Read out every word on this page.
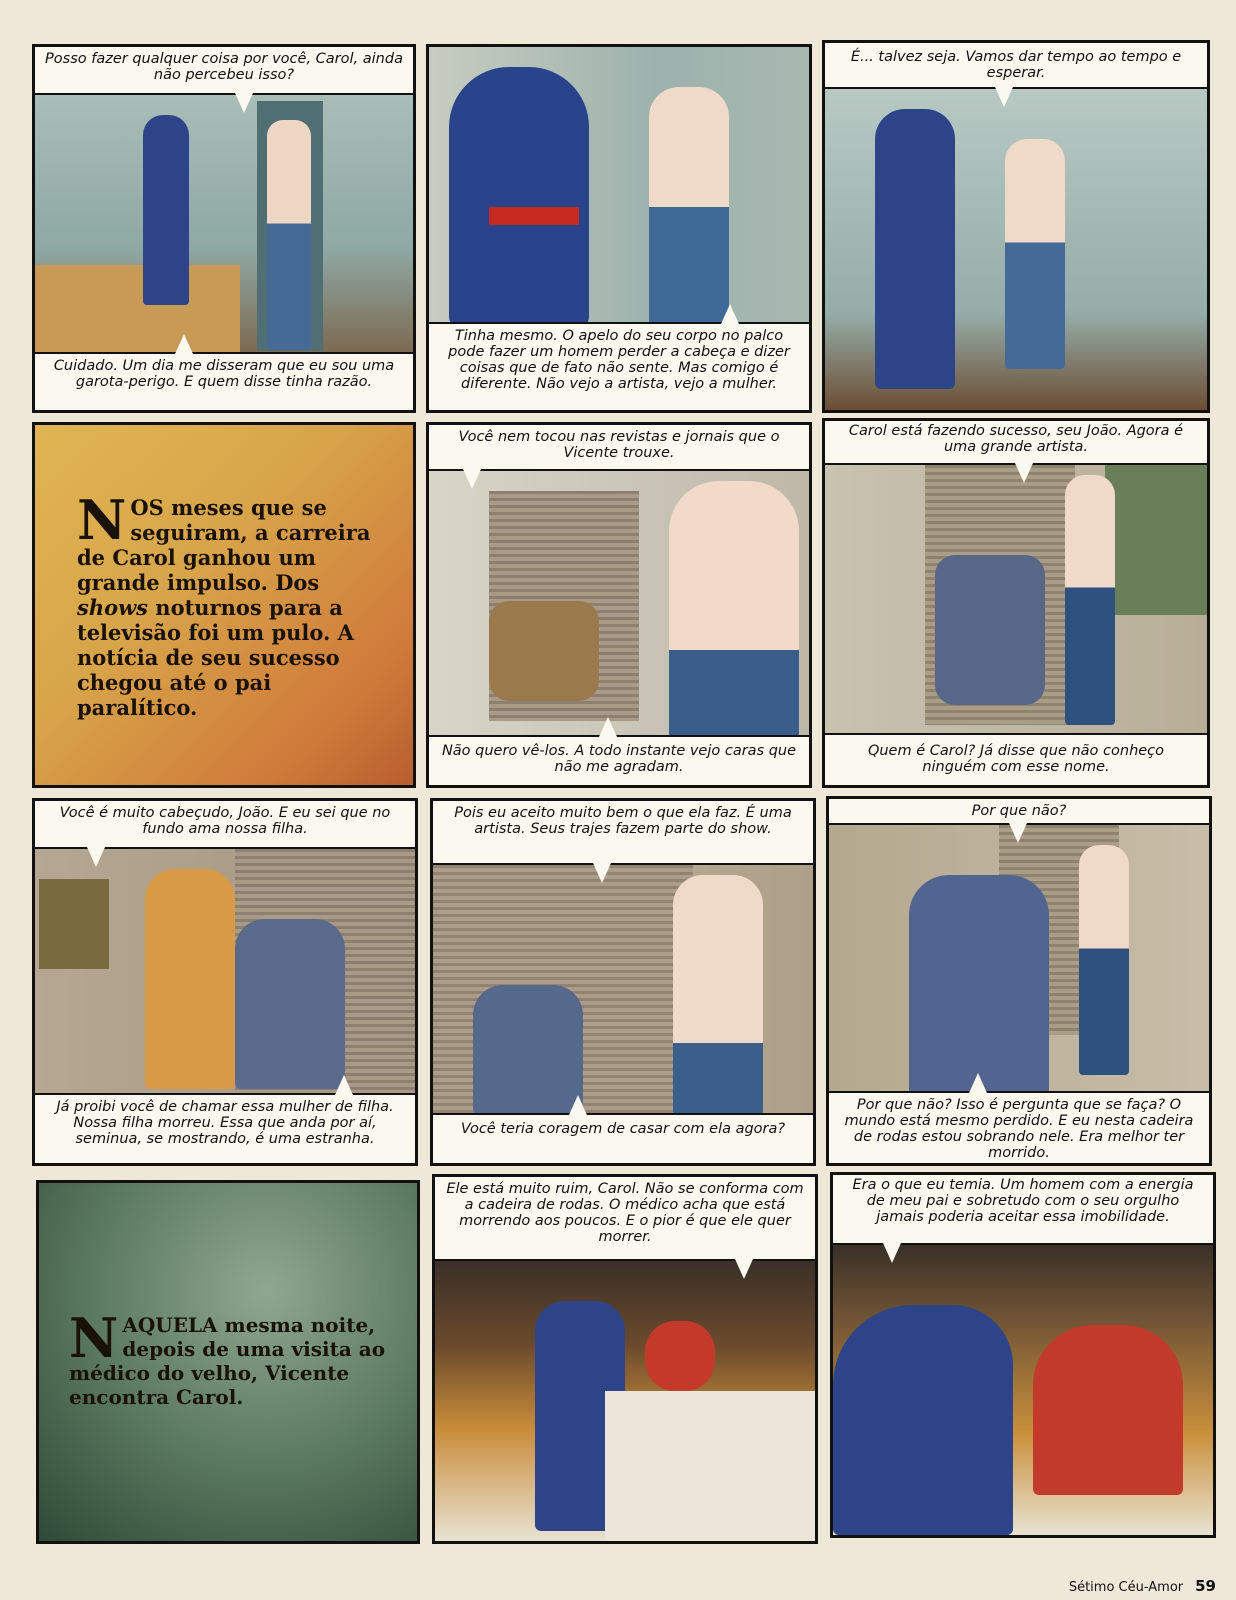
Posso fazer qualquer coisa por você, Carol, ainda não percebeu isso?
Cuidado. Um dia me disseram que eu sou uma garota-perigo. E quem disse tinha razão.
Tinha mesmo. O apelo do seu corpo no palco pode fazer um homem perder a cabeça e dizer coisas que de fato não sente. Mas comigo é diferente. Não vejo a artista, vejo a mulher.
É... talvez seja. Vamos dar tempo ao tempo e esperar.
NOS meses que se seguiram, a carreira de Carol ganhou um grande impulso. Dos shows noturnos para a televisão foi um pulo. A notícia de seu sucesso chegou até o pai paralítico.
Você nem tocou nas revistas e jornais que o Vicente trouxe.
Não quero vê-los. A todo instante vejo caras que não me agradam.
Carol está fazendo sucesso, seu João. Agora é uma grande artista.
Quem é Carol? Já disse que não conheço ninguém com esse nome.
Você é muito cabeçudo, João. E eu sei que no fundo ama nossa filha.
Já proibi você de chamar essa mulher de filha. Nossa filha morreu. Essa que anda por aí, seminua, se mostrando, é uma estranha.
Pois eu aceito muito bem o que ela faz. É uma artista. Seus trajes fazem parte do show.
Você teria coragem de casar com ela agora?
Por que não?
Por que não? Isso é pergunta que se faça? O mundo está mesmo perdido. E eu nesta cadeira de rodas estou sobrando nele. Era melhor ter morrido.
NAQUELA mesma noite, depois de uma visita ao médico do velho, Vicente encontra Carol.
Ele está muito ruim, Carol. Não se conforma com a cadeira de rodas. O médico acha que está morrendo aos poucos. E o pior é que ele quer morrer.
Era o que eu temia. Um homem com a energia de meu pai e sobretudo com o seu orgulho jamais poderia aceitar essa imobilidade.
Sétimo Céu-Amor 59
